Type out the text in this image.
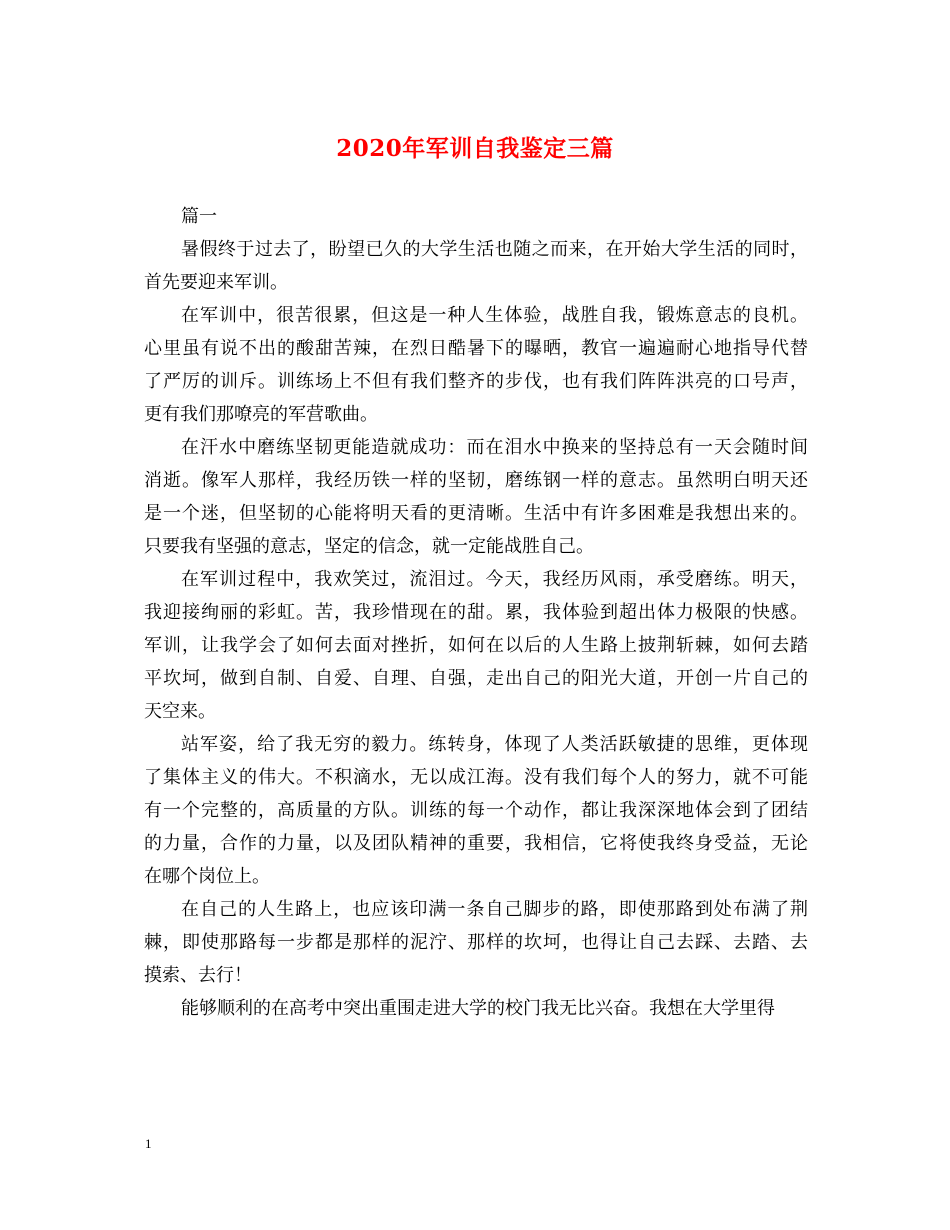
2020年军训自我鉴定三篇
篇一
暑假终于过去了，盼望已久的大学生活也随之而来，在开始大学生活的同时，
首先要迎来军训。
在军训中，很苦很累，但这是一种人生体验，战胜自我，锻炼意志的良机。
心里虽有说不出的酸甜苦辣，在烈日酷暑下的曝晒，教官一遍遍耐心地指导代替
了严厉的训斥。训练场上不但有我们整齐的步伐，也有我们阵阵洪亮的口号声，
更有我们那嘹亮的军营歌曲。
在汗水中磨练坚韧更能造就成功：而在泪水中换来的坚持总有一天会随时间
消逝。像军人那样，我经历铁一样的坚韧，磨练钢一样的意志。虽然明白明天还
是一个迷，但坚韧的心能将明天看的更清晰。生活中有许多困难是我想出来的。
只要我有坚强的意志，坚定的信念，就一定能战胜自己。
在军训过程中，我欢笑过，流泪过。今天，我经历风雨，承受磨练。明天，
我迎接绚丽的彩虹。苦，我珍惜现在的甜。累，我体验到超出体力极限的快感。
军训，让我学会了如何去面对挫折，如何在以后的人生路上披荆斩棘，如何去踏
平坎坷，做到自制、自爱、自理、自强，走出自己的阳光大道，开创一片自己的
天空来。
站军姿，给了我无穷的毅力。练转身，体现了人类活跃敏捷的思维，更体现
了集体主义的伟大。不积滴水，无以成江海。没有我们每个人的努力，就不可能
有一个完整的，高质量的方队。训练的每一个动作，都让我深深地体会到了团结
的力量，合作的力量，以及团队精神的重要，我相信，它将使我终身受益，无论
在哪个岗位上。
在自己的人生路上，也应该印满一条自己脚步的路，即使那路到处布满了荆
棘，即使那路每一步都是那样的泥泞、那样的坎坷，也得让自己去踩、去踏、去
摸索、去行！
能够顺利的在高考中突出重围走进大学的校门我无比兴奋。我想在大学里得
1
